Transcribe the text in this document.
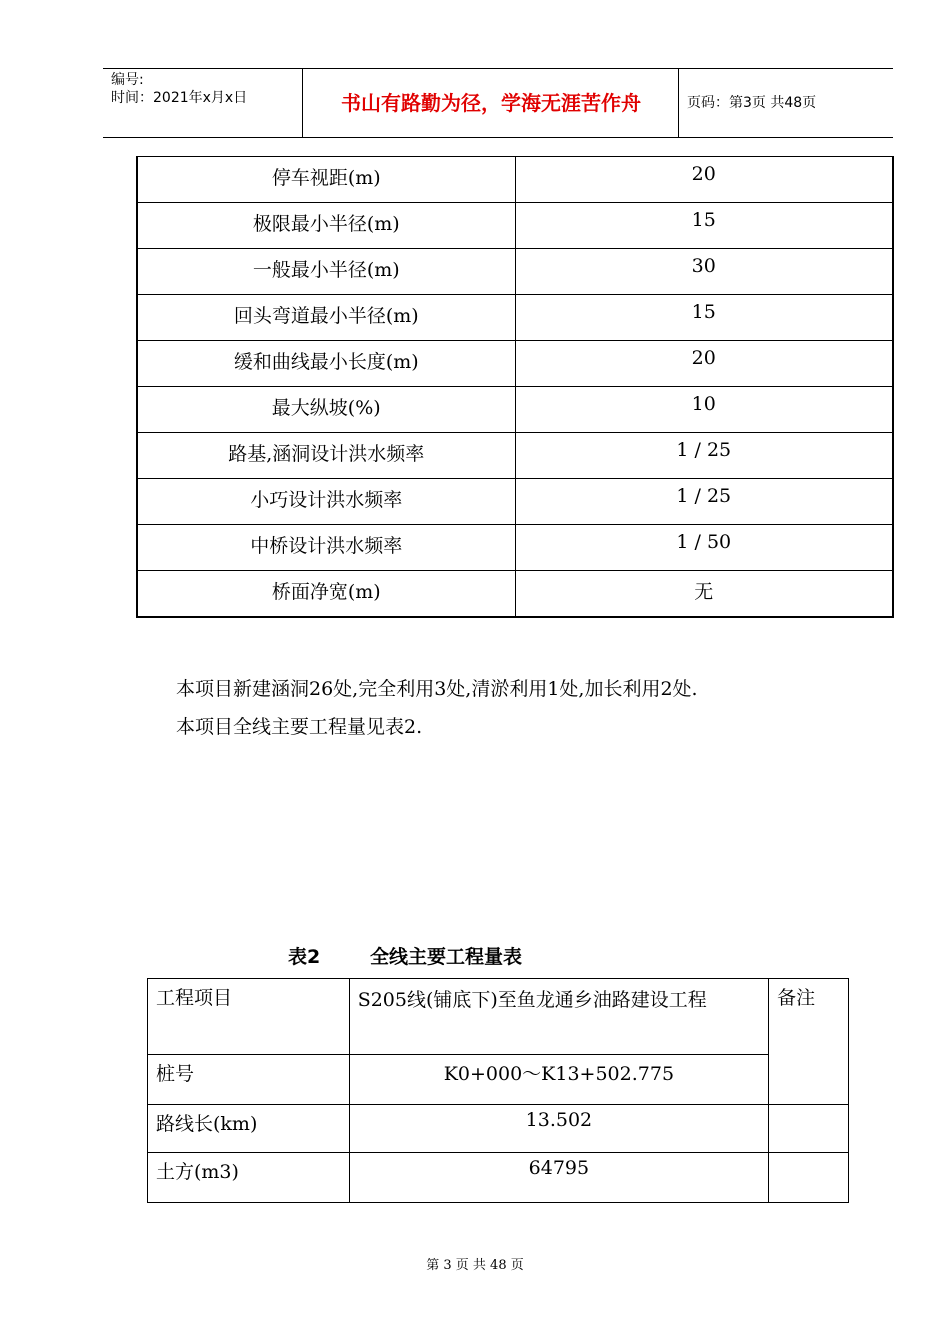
编号:
时间：2021年x月x日	书山有路勤为径，学海无涯苦作舟	页码：第3页 共48页
停车视距(m)	20
极限最小半径(m)	15
一般最小半径(m)	30
回头弯道最小半径(m)	15
缓和曲线最小长度(m)	20
最大纵坡(%)	10
路基,涵洞设计洪水频率	1 / 25
小巧设计洪水频率	1 / 25
中桥设计洪水频率	1 / 50
桥面净宽(m)	无
本项目新建涵洞26处,完全利用3处,清淤利用1处,加长利用2处.
本项目全线主要工程量见表2.
表2	全线主要工程量表
工程项目	S205线(铺底下)至鱼龙通乡油路建设工程	备注
桩号	K0+000～K13+502.775	
路线长(km)	13.502	
土方(m3)	64795	
第 3 页 共 48 页
